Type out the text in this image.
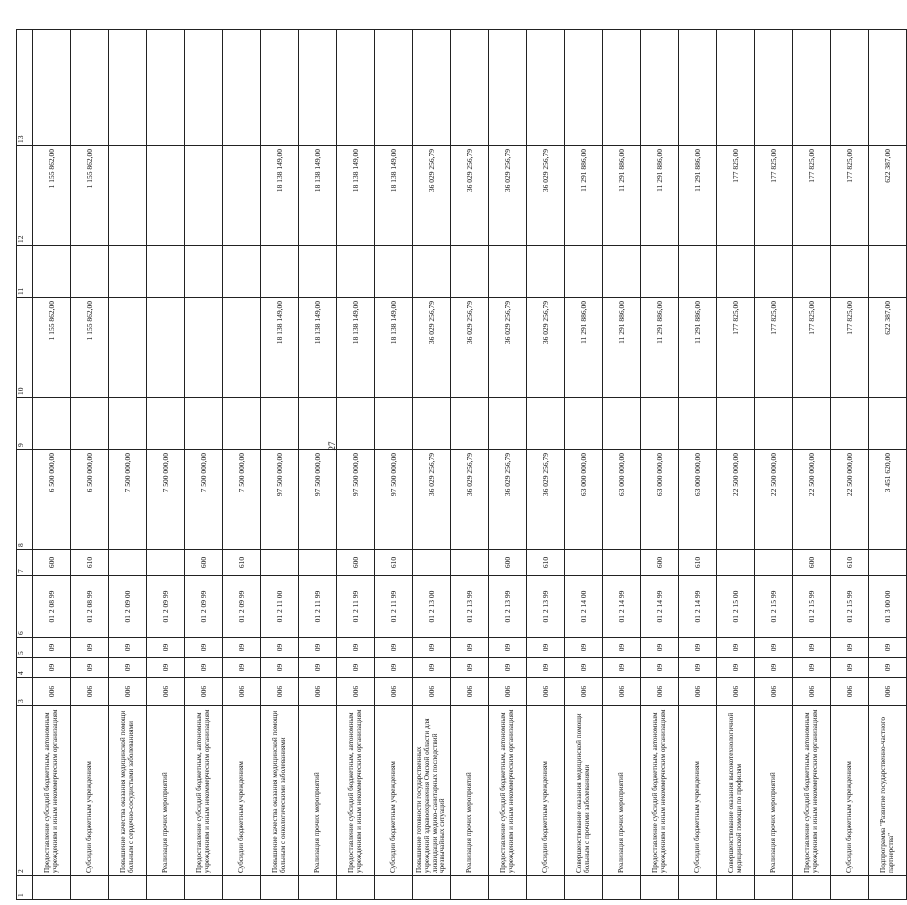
27
1	2	3	4	5	6	7	8	9	10	11	12	13
	Предоставление субсидий бюджетным, автономным учреждениям и иным некоммерческим организациям	006	09	09	01 2 08 99	600	6 500 000,00		1 155 862,00		1 155 862,00	
	Субсидии бюджетным учреждениям	006	09	09	01 2 08 99	610	6 500 000,00		1 155 862,00		1 155 862,00	
	Повышение качества оказания медицинской помощи больным с сердечно-сосудистыми заболеваниями	006	09	09	01 2 09 00		7 500 000,00					
	Реализация прочих мероприятий	006	09	09	01 2 09 99		7 500 000,00					
	Предоставление субсидий бюджетным, автономным учреждениям и иным некоммерческим организациям	006	09	09	01 2 09 99	600	7 500 000,00					
	Субсидии бюджетным учреждениям	006	09	09	01 2 09 99	610	7 500 000,00					
	Повышение качества оказания медицинской помощи больным с онкологическими заболеваниями	006	09	09	01 2 11 00		97 500 000,00		18 138 149,00		18 138 149,00	
	Реализация прочих мероприятий	006	09	09	01 2 11 99		97 500 000,00		18 138 149,00		18 138 149,00	
	Предоставление субсидий бюджетным, автономным учреждениям и иным некоммерческим организациям	006	09	09	01 2 11 99	600	97 500 000,00		18 138 149,00		18 138 149,00	
	Субсидии бюджетным учреждениям	006	09	09	01 2 11 99	610	97 500 000,00		18 138 149,00		18 138 149,00	
	Повышение готовности государственных учреждений здравоохранения Омской области для ликвидации медико-санитарных последствий чрезвычайных ситуаций	006	09	09	01 2 13 00		36 029 256,79		36 029 256,79		36 029 256,79	
	Реализация прочих мероприятий	006	09	09	01 2 13 99		36 029 256,79		36 029 256,79		36 029 256,79	
	Предоставление субсидий бюджетным, автономным учреждениям и иным некоммерческим организациям	006	09	09	01 2 13 99	600	36 029 256,79		36 029 256,79		36 029 256,79	
	Субсидии бюджетным учреждениям	006	09	09	01 2 13 99	610	36 029 256,79		36 029 256,79		36 029 256,79	
	Совершенствование оказания медицинской помощи больным с прочими заболеваниями	006	09	09	01 2 14 00		63 000 000,00		11 291 886,00		11 291 886,00	
	Реализация прочих мероприятий	006	09	09	01 2 14 99		63 000 000,00		11 291 886,00		11 291 886,00	
	Предоставление субсидий бюджетным, автономным учреждениям и иным некоммерческим организациям	006	09	09	01 2 14 99	600	63 000 000,00		11 291 886,00		11 291 886,00	
	Субсидии бюджетным учреждениям	006	09	09	01 2 14 99	610	63 000 000,00		11 291 886,00		11 291 886,00	
	Совершенствование оказания высокотехнологичной медицинской помощи по профилям	006	09	09	01 2 15 00		22 500 000,00		177 825,00		177 825,00	
	Реализация прочих мероприятий	006	09	09	01 2 15 99		22 500 000,00		177 825,00		177 825,00	
	Предоставление субсидий бюджетным, автономным учреждениям и иным некоммерческим организациям	006	09	09	01 2 15 99	600	22 500 000,00		177 825,00		177 825,00	
	Субсидии бюджетным учреждениям	006	09	09	01 2 15 99	610	22 500 000,00		177 825,00		177 825,00	
	Подпрограмма "Развитие государственно-частного партнерства"	006	09	09	01 3 00 00		3 451 620,00		622 387,00		622 387,00	
